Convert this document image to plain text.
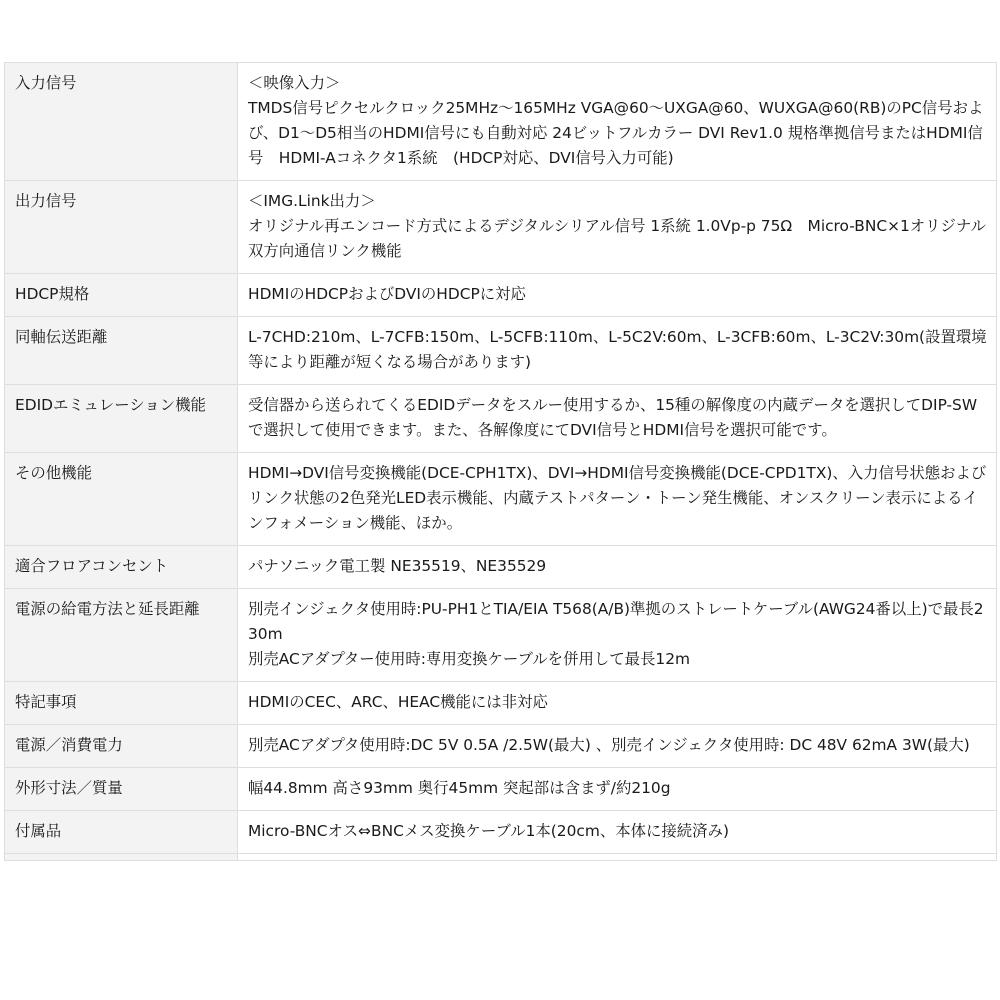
入力信号	＜映像入力＞
TMDS信号ピクセルクロック25MHz〜165MHz VGA@60〜UXGA@60、WUXGA@60(RB)のPC信号および、D1〜D5相当のHDMI信号にも自動対応 24ビットフルカラー DVI Rev1.0 規格準拠信号またはHDMI信号　HDMI-Aコネクタ1系統　(HDCP対応、DVI信号入力可能)

出力信号	＜IMG.Link出力＞
オリジナル再エンコード方式によるデジタルシリアル信号 1系統 1.0Vp-p 75Ω　Micro-BNC×1オリジナル双方向通信リンク機能

HDCP規格	HDMIのHDCPおよびDVIのHDCPに対応

同軸伝送距離	L-7CHD:210m、L-7CFB:150m、L-5CFB:110m、L-5C2V:60m、L-3CFB:60m、L-3C2V:30m(設置環境等により距離が短くなる場合があります)

EDIDエミュレーション機能	受信器から送られてくるEDIDデータをスルー使用するか、15種の解像度の内蔵データを選択してDIP-SWで選択して使用できます。また、各解像度にてDVI信号とHDMI信号を選択可能です。

その他機能	HDMI→DVI信号変換機能(DCE-CPH1TX)、DVI→HDMI信号変換機能(DCE-CPD1TX)、入力信号状態およびリンク状態の2色発光LED表示機能、内蔵テストパターン・トーン発生機能、オンスクリーン表示によるインフォメーション機能、ほか。

適合フロアコンセント	パナソニック電工製 NE35519、NE35529

電源の給電方法と延長距離	別売インジェクタ使用時:PU-PH1とTIA/EIA T568(A/B)準拠のストレートケーブル(AWG24番以上)で最長230m
別売ACアダプター使用時:専用変換ケーブルを併用して最長12m

特記事項	HDMIのCEC、ARC、HEAC機能には非対応

電源／消費電力	別売ACアダプタ使用時:DC 5V 0.5A /2.5W(最大) 、別売インジェクタ使用時: DC 48V 62mA 3W(最大)

外形寸法／質量	幅44.8mm 高さ93mm 奥行45mm 突起部は含まず/約210g

付属品	Micro-BNCオス⇔BNCメス変換ケーブル1本(20cm、本体に接続済み)
